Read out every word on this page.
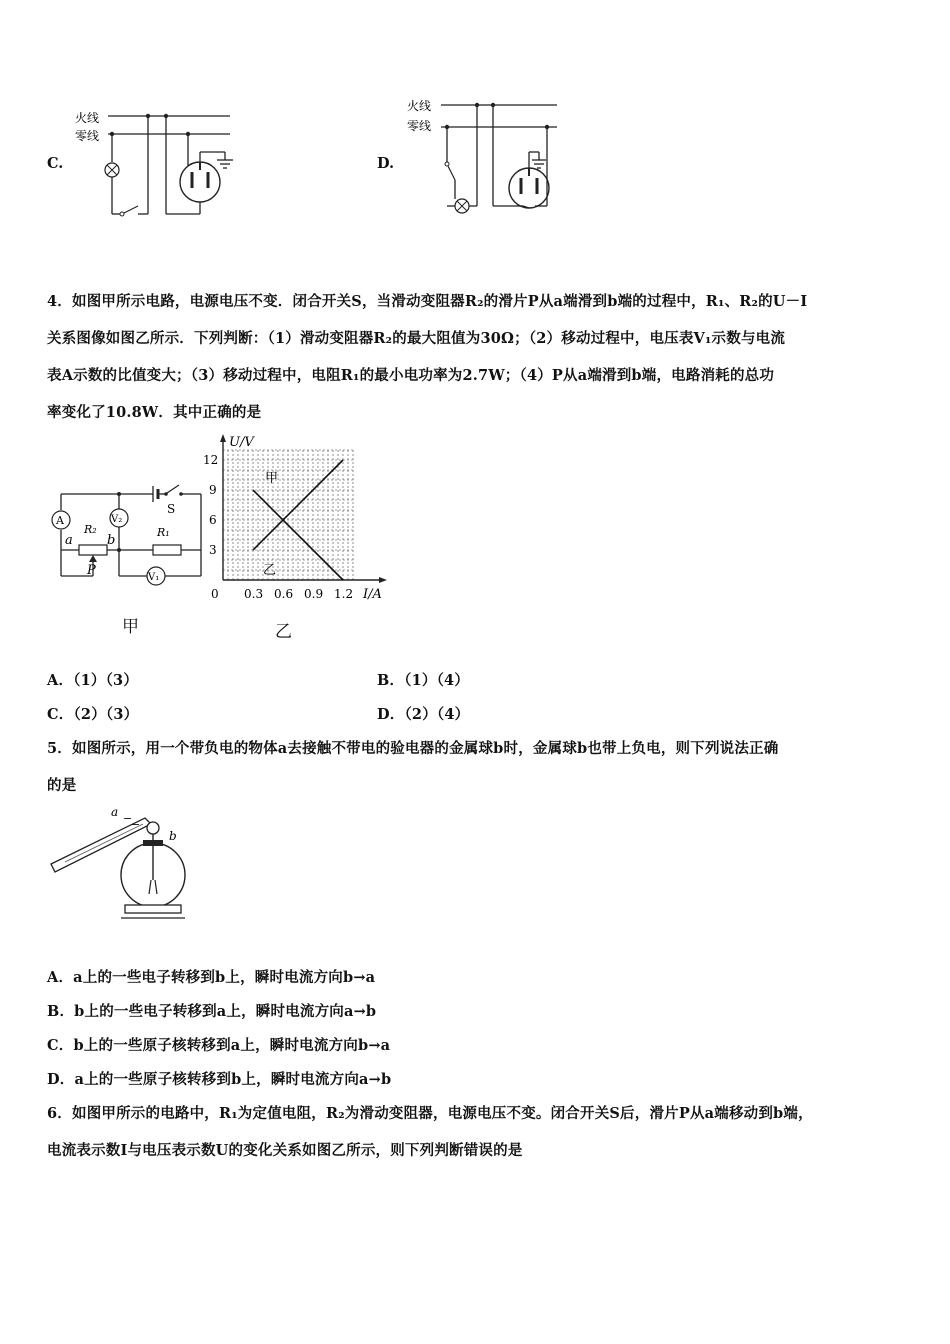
C.
火线
零线
D.
火线
零线
4．如图甲所示电路，电源电压不变．闭合开关S，当滑动变阻器R₂的滑片P从a端滑到b端的过程中，R₁、R₂的U－I
关系图像如图乙所示．下列判断：（1）滑动变阻器R₂的最大阻值为30Ω；（2）移动过程中，电压表V₁示数与电流
表A示数的比值变大；（3）移动过程中，电阻R₁的最小电功率为2.7W；（4）P从a端滑到b端，电路消耗的总功
率变化了10.8W．其中正确的是
S
A
R₂
a	b
V₂
R₁
P	V₁
甲
0 0.3 0.6 0.9 1.2
3
6
9
12
甲
乙
U/V
I/A
乙
A．（1）（3）	B．（1）（4）
C．（2）（3）	D．（2）（4）
5．如图所示，用一个带负电的物体a去接触不带电的验电器的金属球b时，金属球b也带上负电，则下列说法正确
的是
a −
−
b
A．a上的一些电子转移到b上，瞬时电流方向b→a
B．b上的一些电子转移到a上，瞬时电流方向a→b
C．b上的一些原子核转移到a上，瞬时电流方向b→a
D．a上的一些原子核转移到b上，瞬时电流方向a→b
6．如图甲所示的电路中，R₁为定值电阻，R₂为滑动变阻器，电源电压不变。闭合开关S后，滑片P从a端移动到b端，
电流表示数I与电压表示数U的变化关系如图乙所示，则下列判断错误的是
